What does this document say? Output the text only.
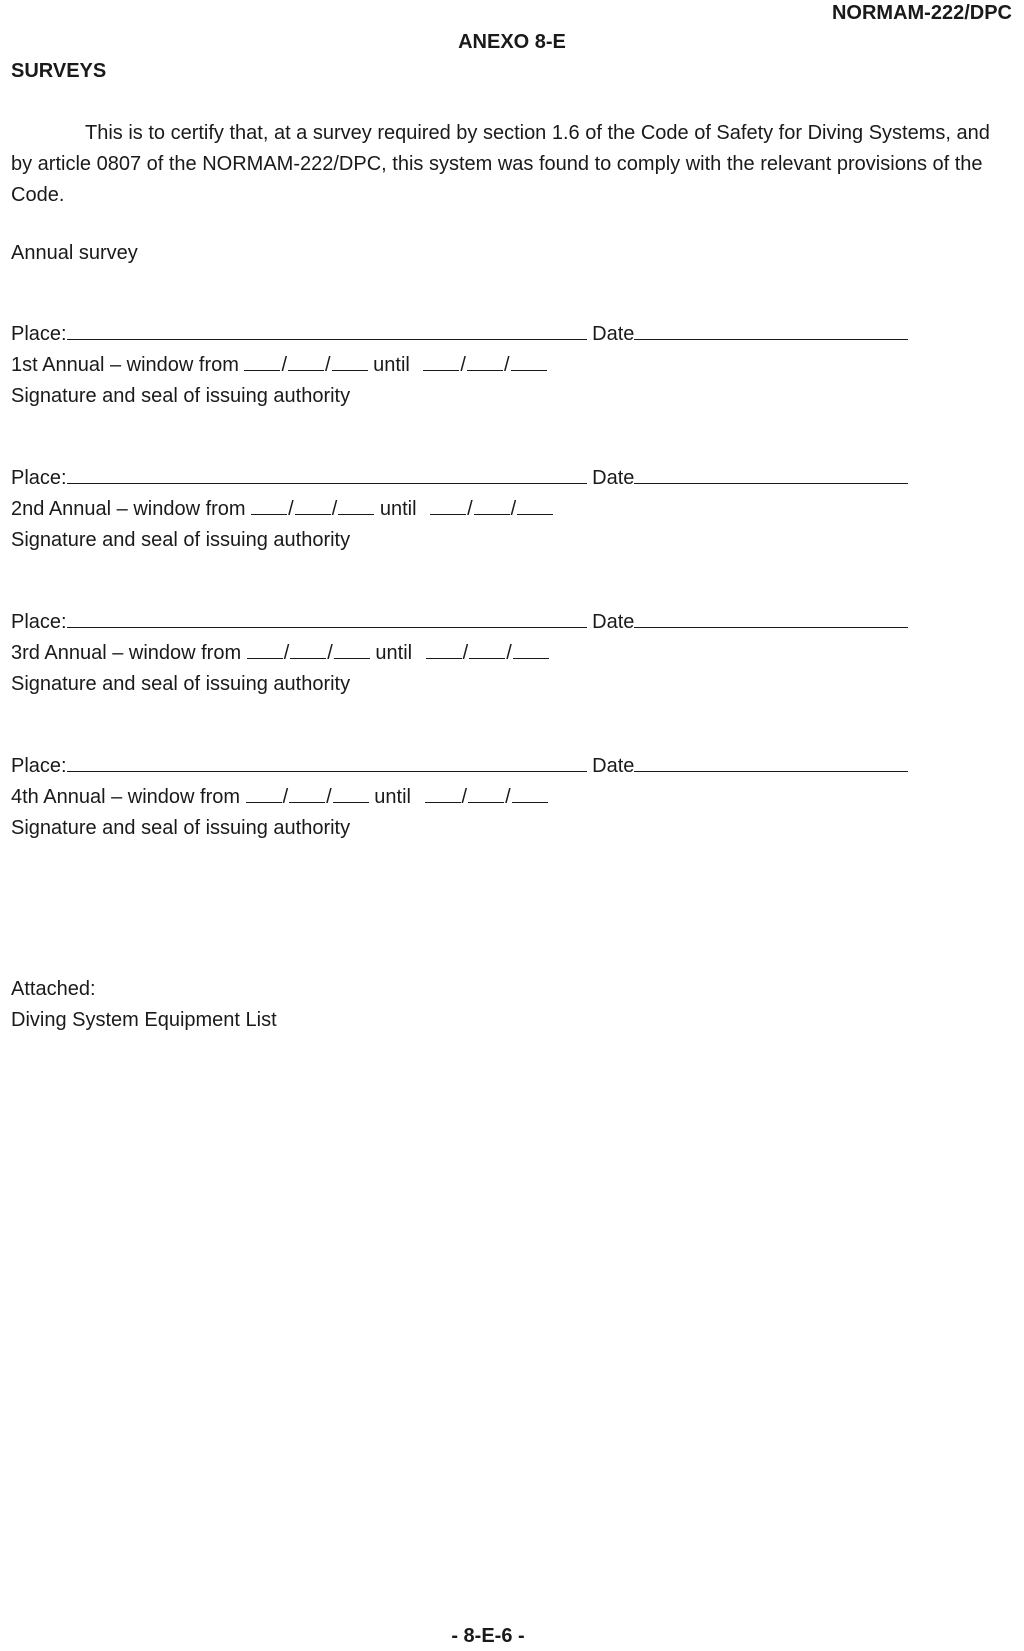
NORMAM-222/DPC
ANEXO 8-E
SURVEYS

This is to certify that, at a survey required by section 1.6 of the Code of Safety for Diving Systems, and by article 0807 of the NORMAM-222/DPC, this system was found to comply with the relevant provisions of the Code.

Annual survey
Place:	Date
1st Annual – window from / / until	/ /
Signature and seal of issuing authority
Place:	Date
2nd Annual – window from / / until	/ /
Signature and seal of issuing authority
Place:	Date
3rd Annual – window from / / until	/ /
Signature and seal of issuing authority
Place:	Date
4th Annual – window from / / until	/ /
Signature and seal of issuing authority
Attached:
Diving System Equipment List
- 8-E-6 -
